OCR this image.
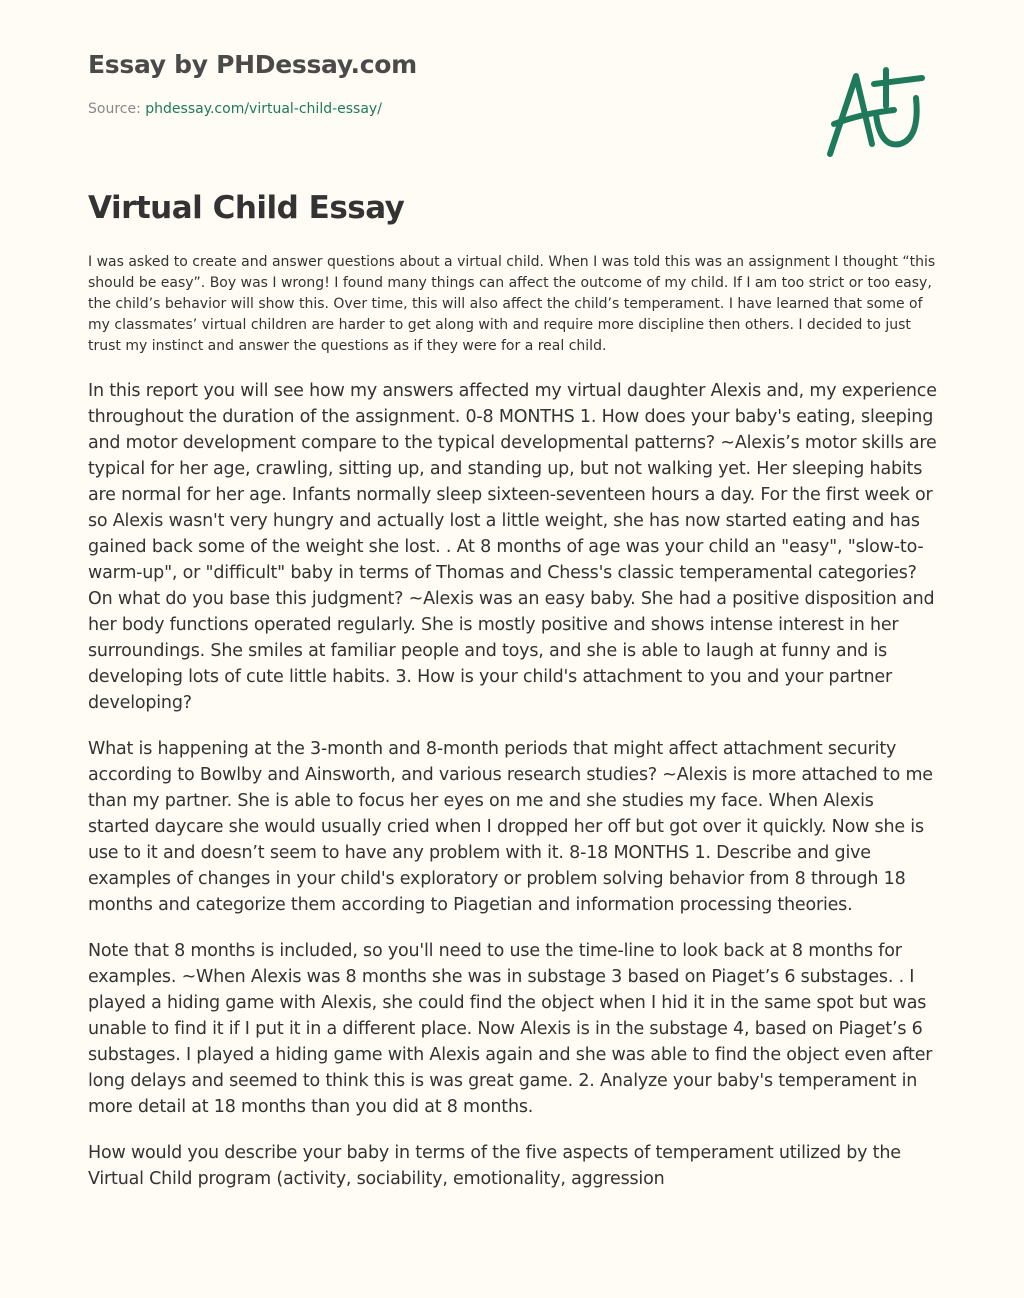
Essay by PHDessay.com
Source: phdessay.com/virtual-child-essay/
Virtual Child Essay

I was asked to create and answer questions about a virtual child. When I was told this was an assignment I thought “this should be easy”. Boy was I wrong! I found many things can affect the outcome of my child. If I am too strict or too easy, the child’s behavior will show this. Over time, this will also affect the child’s temperament. I have learned that some of my classmates’ virtual children are harder to get along with and require more discipline then others. I decided to just trust my instinct and answer the questions as if they were for a real child.

In this report you will see how my answers affected my virtual daughter Alexis and, my experience throughout the duration of the assignment. 0-8 MONTHS 1. How does your baby's eating, sleeping and motor development compare to the typical developmental patterns? ~Alexis’s motor skills are typical for her age, crawling, sitting up, and standing up, but not walking yet. Her sleeping habits are normal for her age. Infants normally sleep sixteen-seventeen hours a day. For the first week or so Alexis wasn't very hungry and actually lost a little weight, she has now started eating and has gained back some of the weight she lost. . At 8 months of age was your child an "easy", "slow-to-warm-up", or "difficult" baby in terms of Thomas and Chess's classic temperamental categories? On what do you base this judgment? ~Alexis was an easy baby. She had a positive disposition and her body functions operated regularly. She is mostly positive and shows intense interest in her surroundings. She smiles at familiar people and toys, and she is able to laugh at funny and is developing lots of cute little habits. 3. How is your child's attachment to you and your partner developing?

What is happening at the 3-month and 8-month periods that might affect attachment security according to Bowlby and Ainsworth, and various research studies? ~Alexis is more attached to me than my partner. She is able to focus her eyes on me and she studies my face. When Alexis started daycare she would usually cried when I dropped her off but got over it quickly. Now she is use to it and doesn’t seem to have any problem with it. 8-18 MONTHS 1. Describe and give examples of changes in your child's exploratory or problem solving behavior from 8 through 18 months and categorize them according to Piagetian and information processing theories.

Note that 8 months is included, so you'll need to use the time-line to look back at 8 months for examples. ~When Alexis was 8 months she was in substage 3 based on Piaget’s 6 substages. . I played a hiding game with Alexis, she could find the object when I hid it in the same spot but was unable to find it if I put it in a different place. Now Alexis is in the substage 4, based on Piaget’s 6 substages. I played a hiding game with Alexis again and she was able to find the object even after long delays and seemed to think this is was great game. 2. Analyze your baby's temperament in more detail at 18 months than you did at 8 months.

How would you describe your baby in terms of the five aspects of temperament utilized by the Virtual Child program (activity, sociability, emotionality, aggression
